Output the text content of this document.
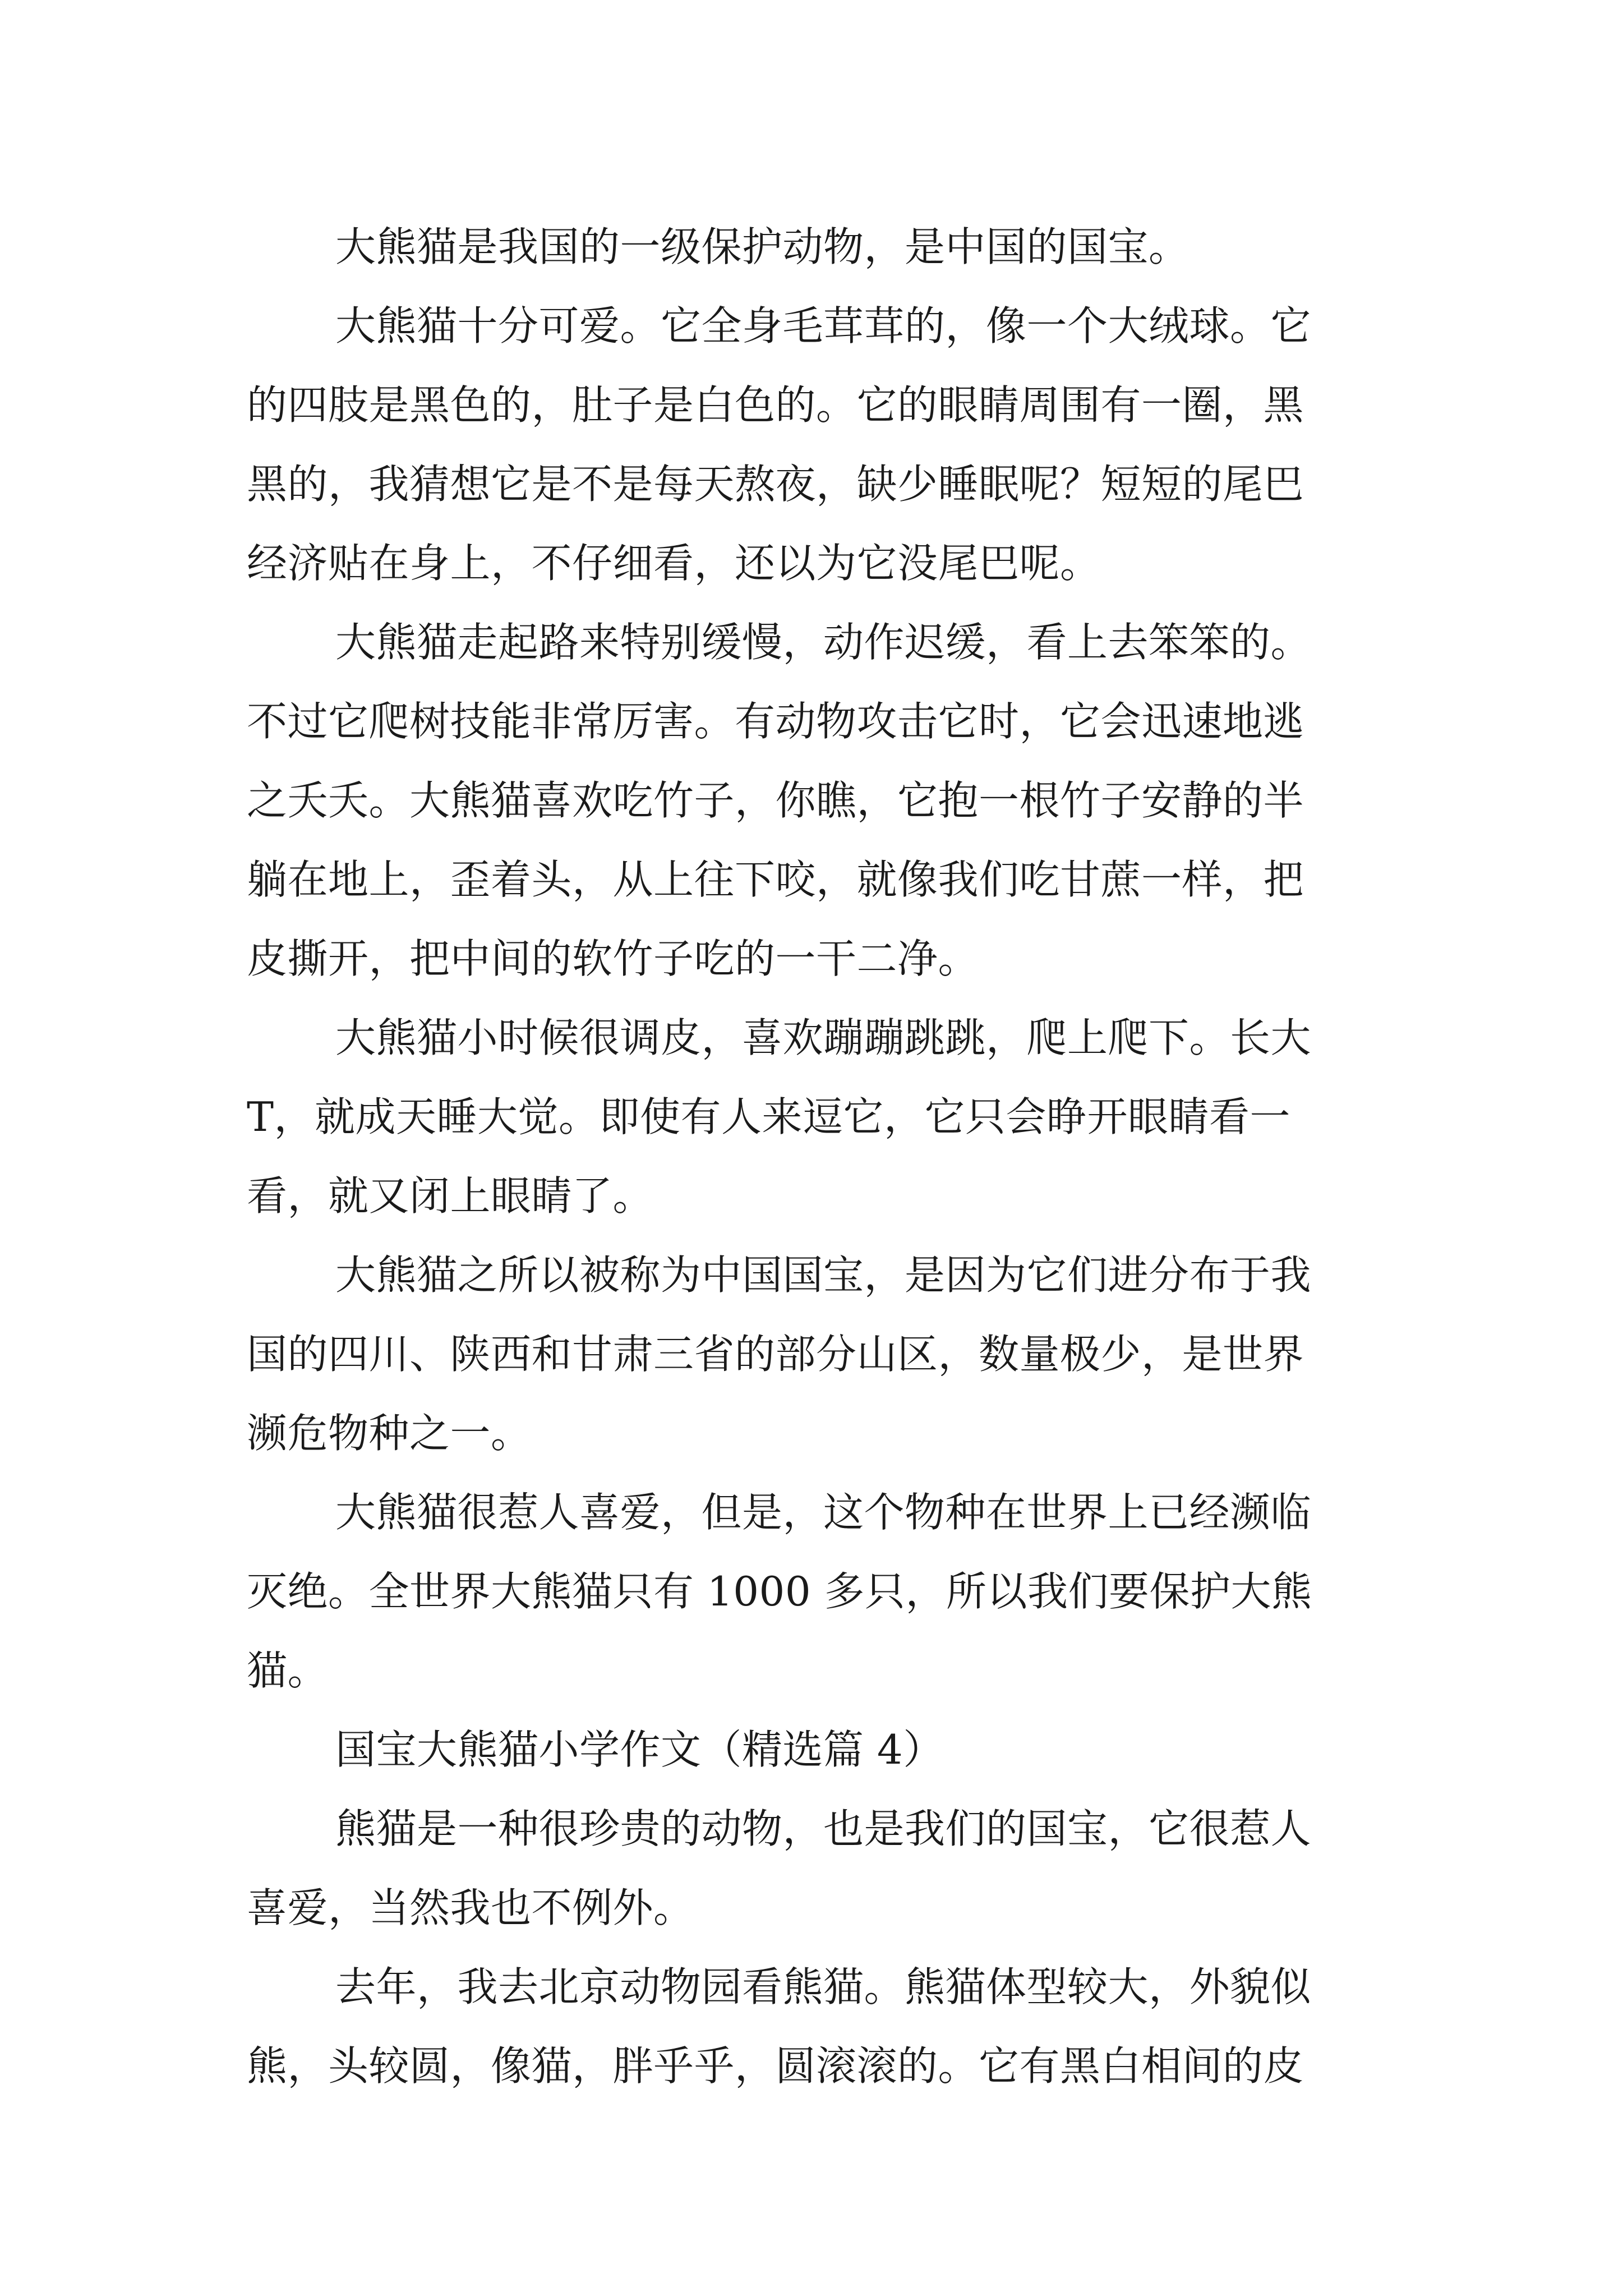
大熊猫是我国的一级保护动物，是中国的国宝。
大熊猫十分可爱。它全身毛茸茸的，像一个大绒球。它
的四肢是黑色的，肚子是白色的。它的眼睛周围有一圈，黑
黑的，我猜想它是不是每天熬夜，缺少睡眠呢？短短的尾巴
经济贴在身上，不仔细看，还以为它没尾巴呢。
大熊猫走起路来特别缓慢，动作迟缓，看上去笨笨的。
不过它爬树技能非常厉害。有动物攻击它时，它会迅速地逃
之夭夭。大熊猫喜欢吃竹子，你瞧，它抱一根竹子安静的半
躺在地上，歪着头，从上往下咬，就像我们吃甘蔗一样，把
皮撕开，把中间的软竹子吃的一干二净。
大熊猫小时候很调皮，喜欢蹦蹦跳跳，爬上爬下。长大
T，就成天睡大觉。即使有人来逗它，它只会睁开眼睛看一
看，就又闭上眼睛了。
大熊猫之所以被称为中国国宝，是因为它们进分布于我
国的四川、陕西和甘肃三省的部分山区，数量极少，是世界
濒危物种之一。
大熊猫很惹人喜爱，但是，这个物种在世界上已经濒临
灭绝。全世界大熊猫只有 1000 多只，所以我们要保护大熊
猫。
国宝大熊猫小学作文（精选篇 4）
熊猫是一种很珍贵的动物，也是我们的国宝，它很惹人
喜爱，当然我也不例外。
去年，我去北京动物园看熊猫。熊猫体型较大，外貌似
熊，头较圆，像猫，胖乎乎，圆滚滚的。它有黑白相间的皮
